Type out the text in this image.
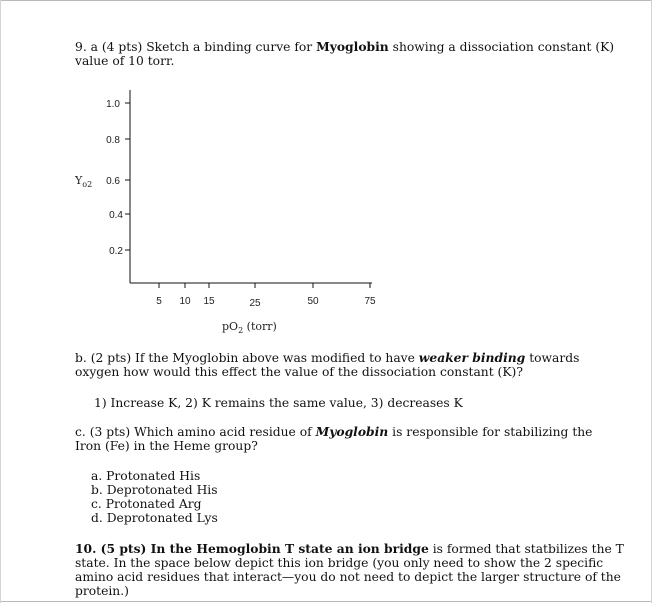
9. a (4 pts) Sketch a binding curve for Myoglobin showing a dissociation constant (K)

value of 10 torr.

$Y_{o2}$
1.0
0.8
0.6
0.4
0.2
5 10 15	25	50	75
$pO_2$ (torr)

b. (2 pts) If the Myoglobin above was modified to have weaker binding towards

oxygen how would this effect the value of the dissociation constant (K)?

1) Increase K, 2) K remains the same value, 3) decreases K

c. (3 pts) Which amino acid residue of Myoglobin is responsible for stabilizing the

Iron (Fe) in the Heme group?

a. Protonated His

b. Deprotonated His

c. Protonated Arg

d. Deprotonated Lys

10. (5 pts) In the Hemoglobin T state an ion bridge is formed that statbilizes the T

state. In the space below depict this ion bridge (you only need to show the 2 specific

amino acid residues that interact—you do not need to depict the larger structure of the

protein.)
